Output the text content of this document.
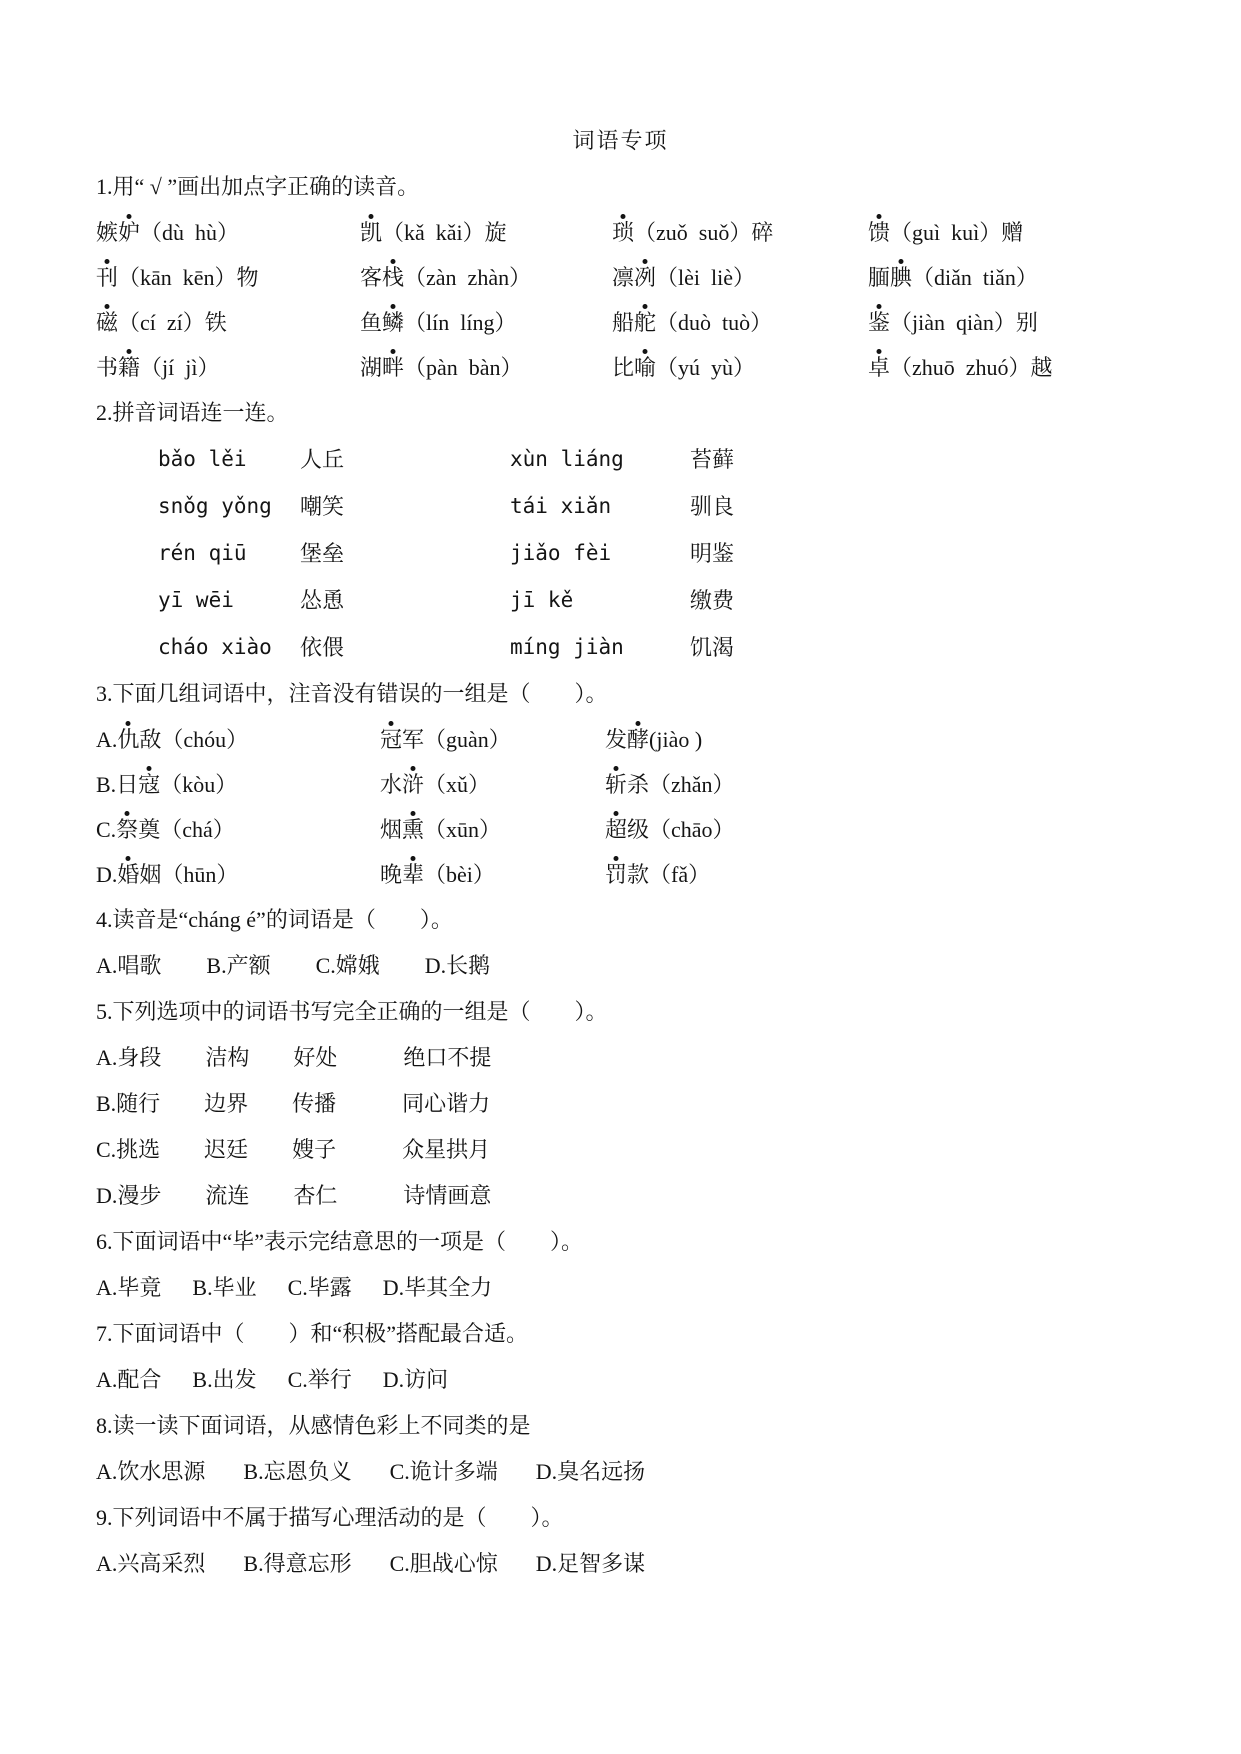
词语专项
1.用“ √ ”画出加点字正确的读音。
嫉妒（dù  hù）	凯（kǎ  kǎi）旋	琐（zuǒ  suǒ）碎	馈（guì  kuì）赠
刊（kān  kēn）物	客栈（zàn  zhàn）	凛冽（lèi  liè）	腼腆（diǎn  tiǎn）
磁（cí  zí）铁	鱼鳞（lín  líng）	船舵（duò  tuò）	鉴（jiàn  qiàn）别
书籍（jí  jì）	湖畔（pàn  bàn）	比喻（yú  yù）	卓（zhuō  zhuó）越
2.拼音词语连一连。
bǎo lěi	人丘	xùn liáng	苔藓
snǒg yǒng	嘲笑	tái xiǎn	驯良
rén qiū	堡垒	jiǎo fèi	明鉴
yī wēi	怂恿	jī kě	缴费
cháo xiào	依偎	míng jiàn	饥渴
3.下面几组词语中，注音没有错误的一组是（　　）。
A.仇敌（chóu）	冠军（guàn）	发酵(jiào )
B.日寇（kòu）	水浒（xǔ）	斩杀（zhǎn）
C.祭奠（chá）	烟熏（xūn）	超级（chāo）
D.婚姻（hūn）	晚辈（bèi）	罚款（fǎ）
4.读音是“cháng é”的词语是（　　）。
A.唱歌 B.产额 C.嫦娥 D.长鹅
5.下列选项中的词语书写完全正确的一组是（　　）。
A.身段　　洁构　　好处　　　绝口不提
B.随行　　边界　　传播　　　同心谐力
C.挑选　　迟廷　　嫂子　　　众星拱月
D.漫步　　流连　　杏仁　　　诗情画意
6.下面词语中“毕”表示完结意思的一项是（　　）。
A.毕竟 B.毕业 C.毕露 D.毕其全力
7.下面词语中（　　）和“积极”搭配最合适。
A.配合 B.出发 C.举行 D.访问
8.读一读下面词语，从感情色彩上不同类的是
A.饮水思源 B.忘恩负义 C.诡计多端 D.臭名远扬
9.下列词语中不属于描写心理活动的是（　　）。
A.兴高采烈 B.得意忘形 C.胆战心惊 D.足智多谋
